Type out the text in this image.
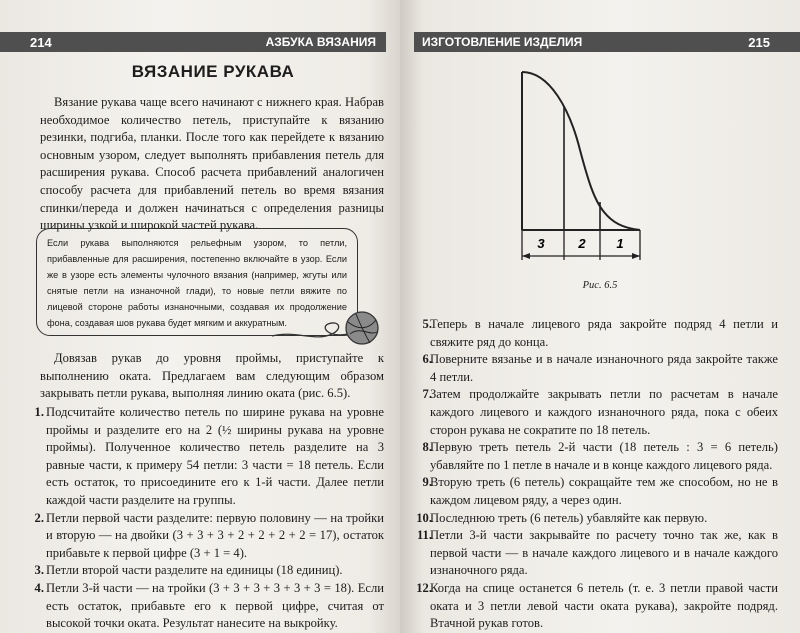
214	АЗБУКА ВЯЗАНИЯ
ВЯЗАНИЕ РУКАВА
Вязание рукава чаще всего начинают с нижнего края. Набрав необходимое количество петель, приступайте к вязанию резинки, подгиба, планки. После того как перейдете к вязанию основным узором, следует выполнять прибавления петель для расширения рукава. Способ расчета прибавлений аналогичен способу расчета для прибавлений петель во время вязания спинки/переда и должен начинаться с определения разницы ширины узкой и широкой частей рукава.
Если рукава выполняются рельефным узором, то петли, прибавленные для расширения, постепенно включайте в узор. Если же в узоре есть элементы чулочного вязания (например, жгуты или снятые петли на изнаночной глади), то новые петли вяжите по лицевой стороне работы изнаночными, создавая их продолжение фона, создавая шов рукава будет мягким и аккуратным.
Довязав рукав до уровня проймы, приступайте к выполнению оката. Предлагаем вам следующим образом закрывать петли рукава, выполняя линию оката (рис. 6.5).
1. Подсчитайте количество петель по ширине рукава на уровне проймы и разделите его на 2 (½ ширины рукава на уровне проймы). Полученное количество петель разделите на 3 равные части, к примеру 54 петли: 3 части = 18 петель. Если есть остаток, то присоедините его к 1-й части. Далее петли каждой части разделите на группы.
2. Петли первой части разделите: первую половину — на тройки и вторую — на двойки (3 + 3 + 3 + 2 + 2 + 2 + 2 = 17), остаток прибавьте к первой цифре (3 + 1 = 4).
3. Петли второй части разделите на единицы (18 единиц).
4. Петли 3-й части — на тройки (3 + 3 + 3 + 3 + 3 + 3 = 18). Если есть остаток, прибавьте его к первой цифре, считая от высокой точки оката. Результат нанесите на выкройку.
ИЗГОТОВЛЕНИЕ ИЗДЕЛИЯ	215
3	2 1
Рис. 6.5
5.
Теперь в начале лицевого ряда закройте подряд 4 петли и свяжите ряд до конца.
6.
Поверните вязанье и в начале изнаночного ряда закройте также 4 петли.
7.
Затем продолжайте закрывать петли по расчетам в начале каждого лицевого и каждого изнаночного ряда, пока с обеих сторон рукава не сократите по 18 петель.
8.
Первую треть петель 2-й части (18 петель : 3 = 6 петель) убавляйте по 1 петле в начале и в конце каждого лицевого ряда.
9.
Вторую треть (6 петель) сокращайте тем же способом, но не в каждом лицевом ряду, а через один.
10.
Последнюю треть (6 петель) убавляйте как первую.
11.
Петли 3-й части закрывайте по расчету точно так же, как в первой части — в начале каждого лицевого и в начале каждого изнаночного ряда.
12.
Когда на спице останется 6 петель (т. е. 3 петли правой части оката и 3 петли левой части оката рукава), закройте подряд. Втачной рукав готов.
